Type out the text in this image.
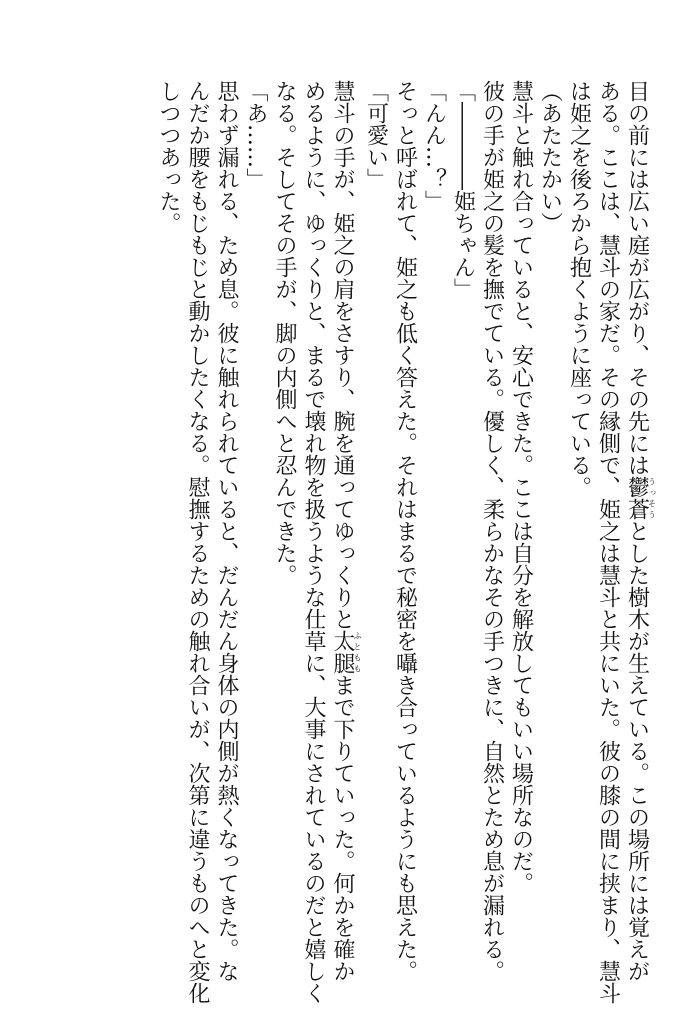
目の前には広い庭が広がり、その先には鬱蒼うっそうとした樹木が生えている。この場所には覚えが
ある。ここは、慧斗の家だ。その縁側で、姫之は慧斗と共にいた。彼の膝の間に挟まり、慧斗
は姫之を後ろから抱くように座っている。
（あたたかい）
慧斗と触れ合っていると、安心できた。ここは自分を解放してもいい場所なのだ。
彼の手が姫之の髪を撫でている。優しく、柔らかなその手つきに、自然とため息が漏れる。
「――――姫ちゃん」
「んん…？」
そっと呼ばれて、姫之も低く答えた。それはまるで秘密を囁き合っているようにも思えた。
「可愛い」
慧斗の手が、姫之の肩をさすり、腕を通ってゆっくりと太腿ふとももまで下りていった。何かを確か
めるように、ゆっくりと、まるで壊れ物を扱うような仕草に、大事にされているのだと嬉しく
なる。そしてその手が、脚の内側へと忍んできた。
「あ……」
思わず漏れる、ため息。彼に触れられていると、だんだん身体の内側が熱くなってきた。な
んだか腰をもじもじと動かしたくなる。慰撫するための触れ合いが、次第に違うものへと変化
しつつあった。
